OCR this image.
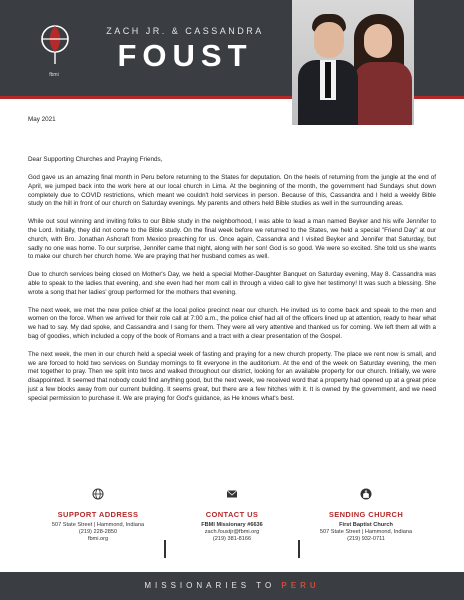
fbmi
ZACH JR. & CASSANDRA
FOUST
May 2021
Dear Supporting Churches and Praying Friends,

God gave us an amazing final month in Peru before returning to the States for deputation. On the heels of returning from the jungle at the end of April, we jumped back into the work here at our local church in Lima. At the beginning of the month, the government had Sundays shut down completely due to COVID restrictions, which meant we couldn't hold services in person. Because of this, Cassandra and I held a weekly Bible study on the hill in front of our church on Saturday evenings. My parents and others held Bible studies as well in the surrounding areas.

While out soul winning and inviting folks to our Bible study in the neighborhood, I was able to lead a man named Beyker and his wife Jennifer to the Lord. Initially, they did not come to the Bible study. On the final week before we returned to the States, we held a special "Friend Day" at our church, with Bro. Jonathan Ashcraft from Mexico preaching for us. Once again, Cassandra and I visited Beyker and Jennifer that Saturday, but sadly no one was home. To our surprise, Jennifer came that night, along with her son! God is so good. We were so excited. She told us she wants to make our church her church home. We are praying that her husband comes as well.

Due to church services being closed on Mother's Day, we held a special Mother-Daughter Banquet on Saturday evening, May 8. Cassandra was able to speak to the ladies that evening, and she even had her mom call in through a video call to give her testimony! It was such a blessing. She wrote a song that her ladies' group performed for the mothers that evening.

The next week, we met the new police chief at the local police precinct near our church. He invited us to come back and speak to the men and women on the force. When we arrived for their role call at 7:00 a.m., the police chief had all of the officers lined up at attention, ready to hear what we had to say. My dad spoke, and Cassandra and I sang for them. They were all very attentive and thanked us for coming. We left them all with a bag of goodies, which included a copy of the book of Romans and a tract with a clear presentation of the Gospel.

The next week, the men in our church held a special week of fasting and praying for a new church property. The place we rent now is small, and we are forced to hold two services on Sunday mornings to fit everyone in the auditorium. At the end of the week on Saturday evening, the men met together to pray. Then we split into twos and walked throughout our district, looking for an available property for our church. Initially, we were disappointed. It seemed that nobody could find anything good, but the next week, we received word that a property had opened up at a great price just a few blocks away from our current building. It seems great, but there are a few hitches with it. It is owned by the government, and we need special permission to purchase it. We are praying for God's guidance, as He knows what's best.

SUPPORT ADDRESS
507 State Street | Hammond, Indiana
(219) 228-2850
fbmi.org
CONTACT US
FBMI Missionary #6636
zach.foustjr@fbmi.org
(219) 381-8166
SENDING CHURCH
First Baptist Church
507 State Street | Hammond, Indiana
(219) 932-0711
MISSIONARIES TO PERU
